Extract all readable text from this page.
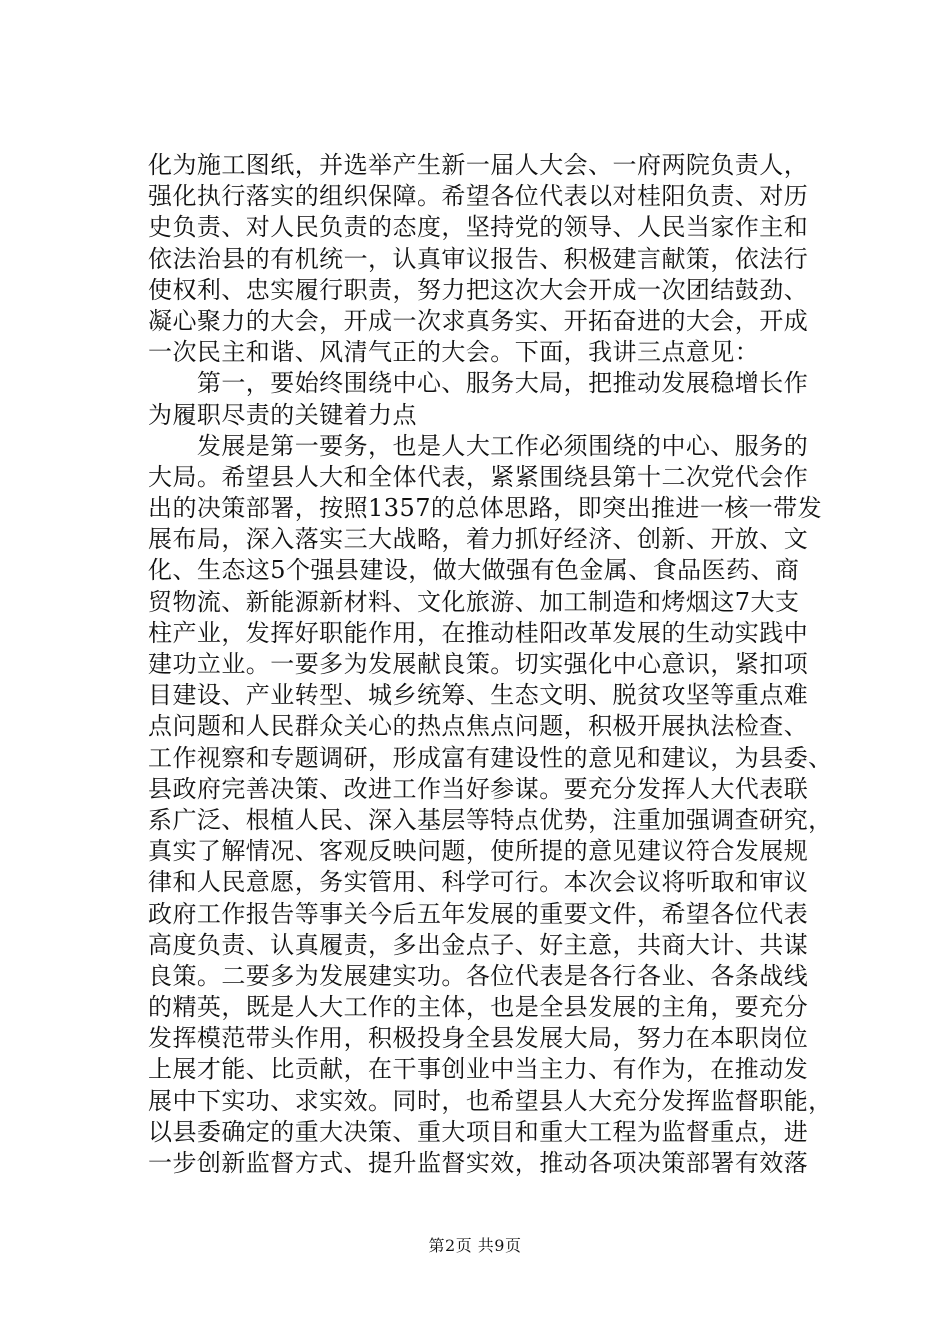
化为施工图纸，并选举产生新一届人大会、一府两院负责人，
强化执行落实的组织保障。希望各位代表以对桂阳负责、对历
史负责、对人民负责的态度，坚持党的领导、人民当家作主和
依法治县的有机统一，认真审议报告、积极建言献策，依法行
使权利、忠实履行职责，努力把这次大会开成一次团结鼓劲、
凝心聚力的大会，开成一次求真务实、开拓奋进的大会，开成
一次民主和谐、风清气正的大会。下面，我讲三点意见：
　　第一，要始终围绕中心、服务大局，把推动发展稳增长作
为履职尽责的关键着力点
　　发展是第一要务，也是人大工作必须围绕的中心、服务的
大局。希望县人大和全体代表，紧紧围绕县第十二次党代会作
出的决策部署，按照1357的总体思路，即突出推进一核一带发
展布局，深入落实三大战略，着力抓好经济、创新、开放、文
化、生态这5个强县建设，做大做强有色金属、食品医药、商
贸物流、新能源新材料、文化旅游、加工制造和烤烟这7大支
柱产业，发挥好职能作用，在推动桂阳改革发展的生动实践中
建功立业。一要多为发展献良策。切实强化中心意识，紧扣项
目建设、产业转型、城乡统筹、生态文明、脱贫攻坚等重点难
点问题和人民群众关心的热点焦点问题，积极开展执法检查、
工作视察和专题调研，形成富有建设性的意见和建议，为县委、
县政府完善决策、改进工作当好参谋。要充分发挥人大代表联
系广泛、根植人民、深入基层等特点优势，注重加强调查研究，
真实了解情况、客观反映问题，使所提的意见建议符合发展规
律和人民意愿，务实管用、科学可行。本次会议将听取和审议
政府工作报告等事关今后五年发展的重要文件，希望各位代表
高度负责、认真履责，多出金点子、好主意，共商大计、共谋
良策。二要多为发展建实功。各位代表是各行各业、各条战线
的精英，既是人大工作的主体，也是全县发展的主角，要充分
发挥模范带头作用，积极投身全县发展大局，努力在本职岗位
上展才能、比贡献，在干事创业中当主力、有作为，在推动发
展中下实功、求实效。同时，也希望县人大充分发挥监督职能，
以县委确定的重大决策、重大项目和重大工程为监督重点，进
一步创新监督方式、提升监督实效，推动各项决策部署有效落
第2页 共9页
